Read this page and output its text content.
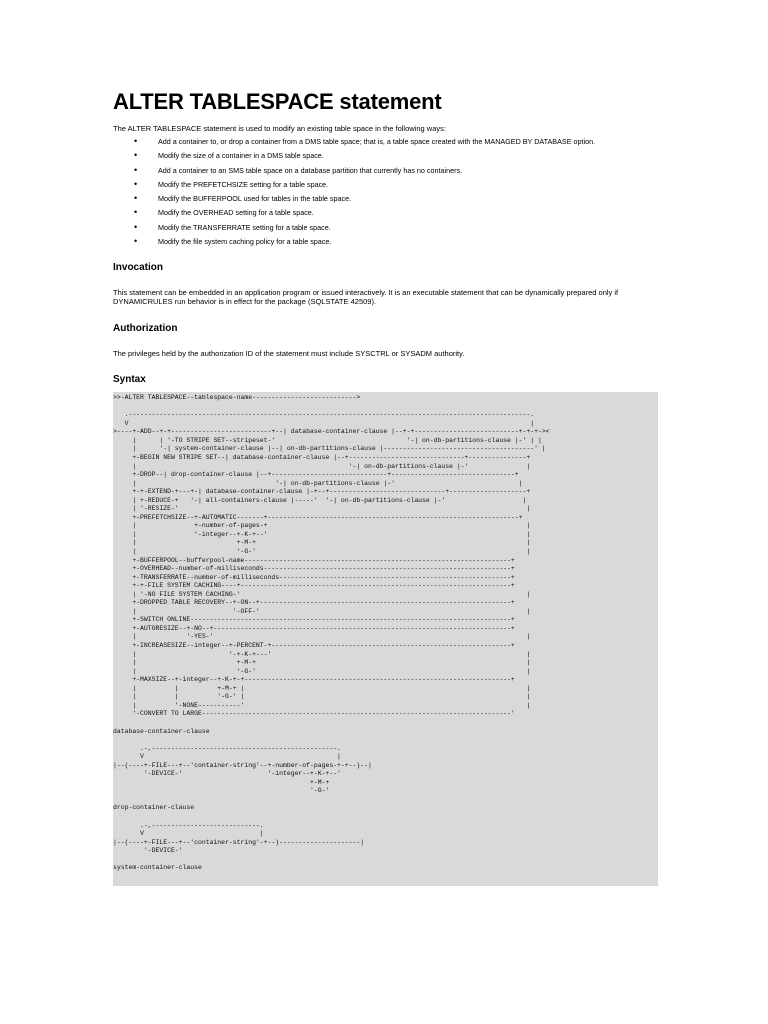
ALTER TABLESPACE statement

The ALTER TABLESPACE statement is used to modify an existing table space in the following ways:

•	Add a container to, or drop a container from a DMS table space; that is, a table space created with the MANAGED BY DATABASE option.
•	Modify the size of a container in a DMS table space.
•	Add a container to an SMS table space on a database partition that currently has no containers.
•	Modify the PREFETCHSIZE setting for a table space.
•	Modify the BUFFERPOOL used for tables in the table space.
•	Modify the OVERHEAD setting for a table space.
•	Modify the TRANSFERRATE setting for a table space.
•	Modify the file system caching policy for a table space.
Invocation

This statement can be embedded in an application program or issued interactively. It is an executable statement that can be dynamically prepared only if DYNAMICRULES run behavior is in effect for the package (SQLSTATE 42509).

Authorization

The privileges held by the authorization ID of the statement must include SYSCTRL or SYSADM authority.

Syntax
>>-ALTER TABLESPACE--tablespace-name--------------------------->

.--------------------------------------------------------------------------------------------------------.
V                                                                                                        |
>----+-ADD--+-+--------------------------+--| database-container-clause |--+-+---------------------------+-+-+-><
|      | '-TO STRIPE SET--stripeset-'                                  '-| on-db-partitions-clause |-' | |
|      '-| system-container-clause |--| on-db-partitions-clause |---------------------------------------' |
+-BEGIN NEW STRIPE SET--| database-container-clause |--+------------------------------+---------------+
|                                                       '-| on-db-partitions-clause |-'               |
+-DROP--| drop-container-clause |--+------------------------------+--------------------------------+
|                                    '-| on-db-partitions-clause |-'                                |
+-+-EXTEND-+---+-| database-container-clause |-+--+------------------------------+--------------------+
| +-REDUCE-+   '-| all-containers-clause |-----'  '-| on-db-partitions-clause |-'                    |
| '-RESIZE-'                                                                                          |
+-PREFETCHSIZE--+-AUTOMATIC-------+-----------------------------------------------------------------+
|               +-number-of-pages-+                                                                   |
|               '-integer--+-K-+--'                                                                   |
|                          +-M-+                                                                      |
|                          '-G-'                                                                      |
+-BUFFERPOOL--bufferpool-name---------------------------------------------------------------------+
+-OVERHEAD--number-of-milliseconds----------------------------------------------------------------+
+-TRANSFERRATE--number-of-milliseconds------------------------------------------------------------+
+-+-FILE SYSTEM CACHING----+----------------------------------------------------------------------+
| '-NO FILE SYSTEM CACHING-'                                                                          |
+-DROPPED TABLE RECOVERY--+-ON--+-----------------------------------------------------------------+
|                         '-OFF-'                                                                     |
+-SWITCH ONLINE-----------------------------------------------------------------------------------+
+-AUTORESIZE--+-NO--+-----------------------------------------------------------------------------+
|             '-YES-'                                                                                 |
+-INCREASESIZE--integer--+-PERCENT-+--------------------------------------------------------------+
|                        '-+-K-+---'                                                                  |
|                          +-M-+                                                                      |
|                          '-G-'                                                                      |
+-MAXSIZE--+-integer--+-K-+-+---------------------------------------------------------------------+
|          |          +-M-+ |                                                                         |
|          |          '-G-' |                                                                         |
|          '-NONE-----------'                                                                         |
'-CONVERT TO LARGE--------------------------------------------------------------------------------'

database-container-clause

.-,------------------------------------------------.
V                                                  |
|--(----+-FILE---+--'container-string'--+-number-of-pages-+-+--)--|
'-DEVICE-'                      '-integer--+-K-+--'
+-M-+
'-G-'

drop-container-clause

.-,----------------------------.
V                              |
|--(----+-FILE---+--'container-string'-+--)---------------------|
'-DEVICE-'

system-container-clause
